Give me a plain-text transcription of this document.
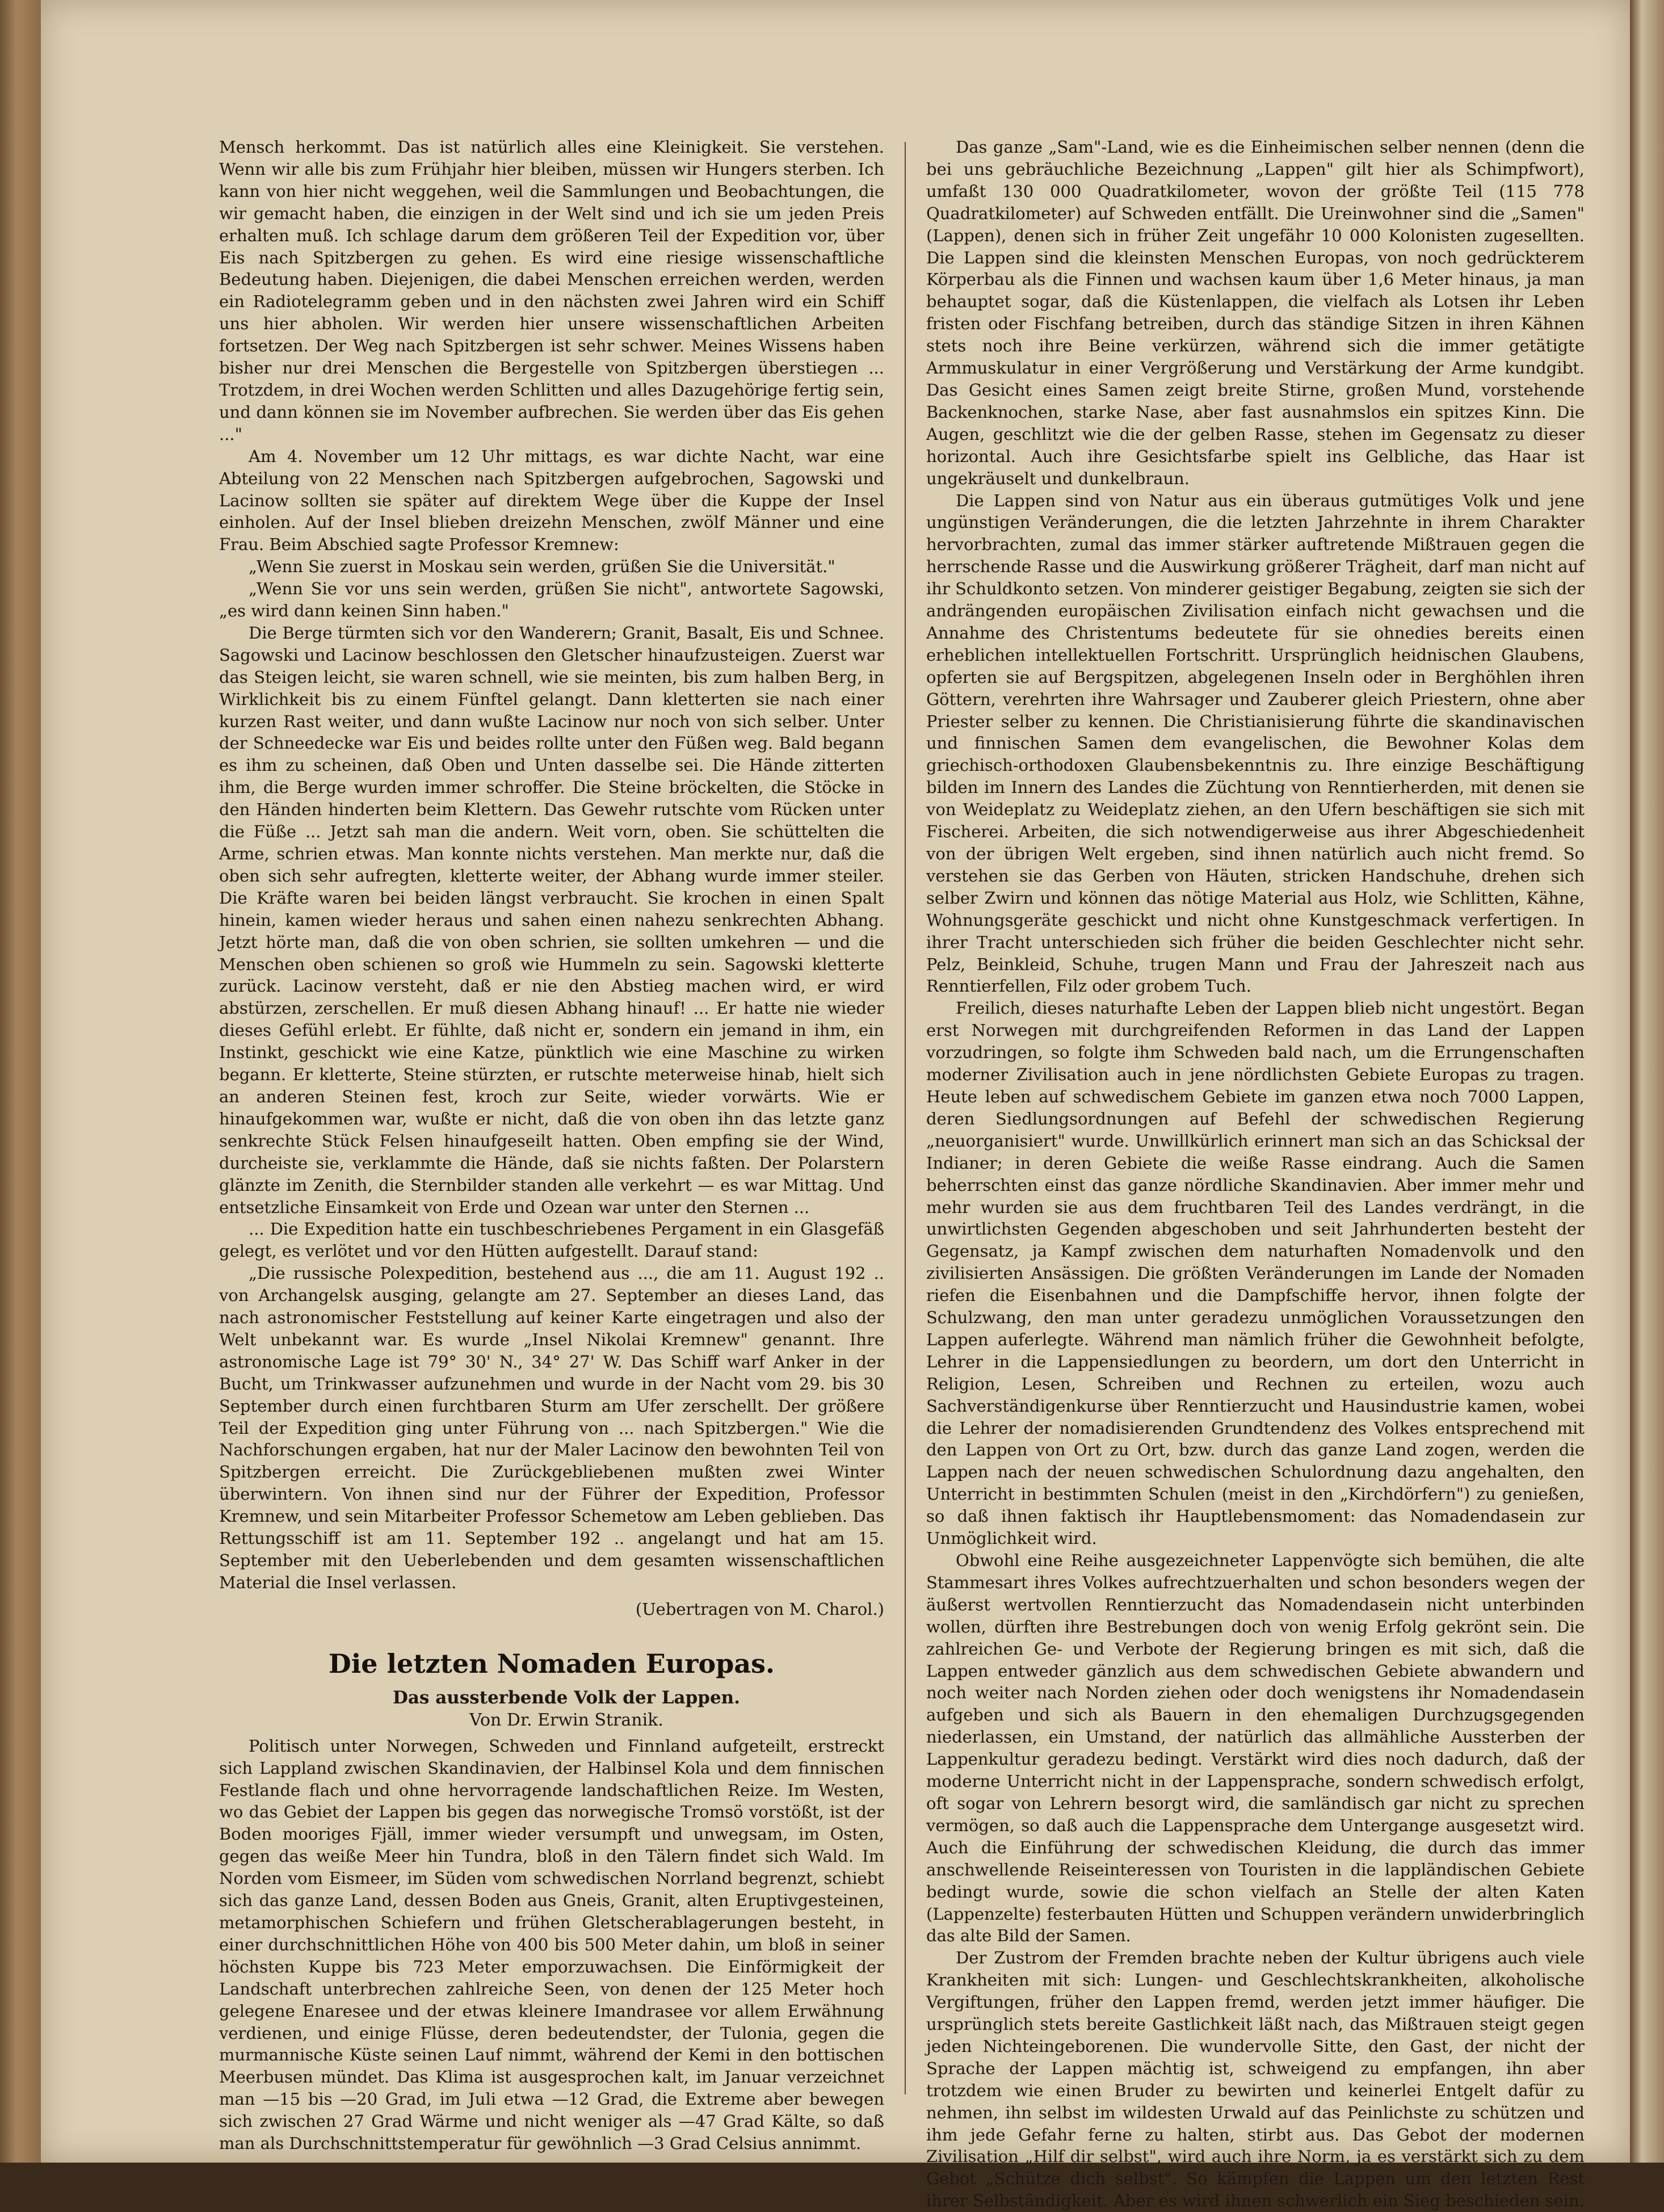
Mensch herkommt. Das ist natürlich alles eine Kleinigkeit. Sie verstehen. Wenn wir alle bis zum Frühjahr hier bleiben, müssen wir Hungers sterben. Ich kann von hier nicht weggehen, weil die Sammlungen und Beobachtungen, die wir gemacht haben, die einzigen in der Welt sind und ich sie um jeden Preis erhalten muß. Ich schlage darum dem größeren Teil der Expedition vor, über Eis nach Spitzbergen zu gehen. Es wird eine riesige wissenschaftliche Bedeutung haben. Diejenigen, die dabei Menschen erreichen werden, werden ein Radiotelegramm geben und in den nächsten zwei Jahren wird ein Schiff uns hier abholen. Wir werden hier unsere wissenschaftlichen Arbeiten fortsetzen. Der Weg nach Spitzbergen ist sehr schwer. Meines Wissens haben bisher nur drei Menschen die Bergestelle von Spitzbergen überstiegen ... Trotzdem, in drei Wochen werden Schlitten und alles Dazugehörige fertig sein, und dann können sie im November aufbrechen. Sie werden über das Eis gehen ..."

Am 4. November um 12 Uhr mittags, es war dichte Nacht, war eine Abteilung von 22 Menschen nach Spitzbergen aufgebrochen, Sagowski und Lacinow sollten sie später auf direktem Wege über die Kuppe der Insel einholen. Auf der Insel blieben dreizehn Menschen, zwölf Männer und eine Frau. Beim Abschied sagte Professor Kremnew:

„Wenn Sie zuerst in Moskau sein werden, grüßen Sie die Universität."

„Wenn Sie vor uns sein werden, grüßen Sie nicht", antwortete Sagowski, „es wird dann keinen Sinn haben."

Die Berge türmten sich vor den Wanderern; Granit, Basalt, Eis und Schnee. Sagowski und Lacinow beschlossen den Gletscher hinaufzusteigen. Zuerst war das Steigen leicht, sie waren schnell, wie sie meinten, bis zum halben Berg, in Wirklichkeit bis zu einem Fünftel gelangt. Dann kletterten sie nach einer kurzen Rast weiter, und dann wußte Lacinow nur noch von sich selber. Unter der Schneedecke war Eis und beides rollte unter den Füßen weg. Bald begann es ihm zu scheinen, daß Oben und Unten dasselbe sei. Die Hände zitterten ihm, die Berge wurden immer schroffer. Die Steine bröckelten, die Stöcke in den Händen hinderten beim Klettern. Das Gewehr rutschte vom Rücken unter die Füße ... Jetzt sah man die andern. Weit vorn, oben. Sie schüttelten die Arme, schrien etwas. Man konnte nichts verstehen. Man merkte nur, daß die oben sich sehr aufregten, kletterte weiter, der Abhang wurde immer steiler. Die Kräfte waren bei beiden längst verbraucht. Sie krochen in einen Spalt hinein, kamen wieder heraus und sahen einen nahezu senkrechten Abhang. Jetzt hörte man, daß die von oben schrien, sie sollten umkehren — und die Menschen oben schienen so groß wie Hummeln zu sein. Sagowski kletterte zurück. Lacinow versteht, daß er nie den Abstieg machen wird, er wird abstürzen, zerschellen. Er muß diesen Abhang hinauf! ... Er hatte nie wieder dieses Gefühl erlebt. Er fühlte, daß nicht er, sondern ein jemand in ihm, ein Instinkt, geschickt wie eine Katze, pünktlich wie eine Maschine zu wirken begann. Er kletterte, Steine stürzten, er rutschte meterweise hinab, hielt sich an anderen Steinen fest, kroch zur Seite, wieder vorwärts. Wie er hinaufgekommen war, wußte er nicht, daß die von oben ihn das letzte ganz senkrechte Stück Felsen hinaufgeseilt hatten. Oben empfing sie der Wind, durcheiste sie, verklammte die Hände, daß sie nichts faßten. Der Polarstern glänzte im Zenith, die Sternbilder standen alle verkehrt — es war Mittag. Und entsetzliche Einsamkeit von Erde und Ozean war unter den Sternen ...

... Die Expedition hatte ein tuschbeschriebenes Pergament in ein Glasgefäß gelegt, es verlötet und vor den Hütten aufgestellt. Darauf stand:

„Die russische Polexpedition, bestehend aus ..., die am 11. August 192 .. von Archangelsk ausging, gelangte am 27. September an dieses Land, das nach astronomischer Feststellung auf keiner Karte eingetragen und also der Welt unbekannt war. Es wurde „Insel Nikolai Kremnew" genannt. Ihre astronomische Lage ist 79° 30' N., 34° 27' W. Das Schiff warf Anker in der Bucht, um Trinkwasser aufzunehmen und wurde in der Nacht vom 29. bis 30 September durch einen furchtbaren Sturm am Ufer zerschellt. Der größere Teil der Expedition ging unter Führung von ... nach Spitzbergen." Wie die Nachforschungen ergaben, hat nur der Maler Lacinow den bewohnten Teil von Spitzbergen erreicht. Die Zurückgebliebenen mußten zwei Winter überwintern. Von ihnen sind nur der Führer der Expedition, Professor Kremnew, und sein Mitarbeiter Professor Schemetow am Leben geblieben. Das Rettungsschiff ist am 11. September 192 .. angelangt und hat am 15. September mit den Ueberlebenden und dem gesamten wissenschaftlichen Material die Insel verlassen.

(Uebertragen von M. Charol.)

Die letzten Nomaden Europas.

Das aussterbende Volk der Lappen.

Von Dr. Erwin Stranik.

Politisch unter Norwegen, Schweden und Finnland aufgeteilt, erstreckt sich Lappland zwischen Skandinavien, der Halbinsel Kola und dem finnischen Festlande flach und ohne hervorragende landschaftlichen Reize. Im Westen, wo das Gebiet der Lappen bis gegen das norwegische Tromsö vorstößt, ist der Boden mooriges Fjäll, immer wieder versumpft und unwegsam, im Osten, gegen das weiße Meer hin Tundra, bloß in den Tälern findet sich Wald. Im Norden vom Eismeer, im Süden vom schwedischen Norrland begrenzt, schiebt sich das ganze Land, dessen Boden aus Gneis, Granit, alten Eruptivgesteinen, metamorphischen Schiefern und frühen Gletscherablagerungen besteht, in einer durchschnittlichen Höhe von 400 bis 500 Meter dahin, um bloß in seiner höchsten Kuppe bis 723 Meter emporzuwachsen. Die Einförmigkeit der Landschaft unterbrechen zahlreiche Seen, von denen der 125 Meter hoch gelegene Enaresee und der etwas kleinere Imandrasee vor allem Erwähnung verdienen, und einige Flüsse, deren bedeutendster, der Tulonia, gegen die murmannische Küste seinen Lauf nimmt, während der Kemi in den bottischen Meerbusen mündet. Das Klima ist ausgesprochen kalt, im Januar verzeichnet man —15 bis —20 Grad, im Juli etwa —12 Grad, die Extreme aber bewegen sich zwischen 27 Grad Wärme und nicht weniger als —47 Grad Kälte, so daß man als Durchschnittstemperatur für gewöhnlich —3 Grad Celsius annimmt.

Das ganze „Sam"-Land, wie es die Einheimischen selber nennen (denn die bei uns gebräuchliche Bezeichnung „Lappen" gilt hier als Schimpfwort), umfaßt 130 000 Quadratkilometer, wovon der größte Teil (115 778 Quadratkilometer) auf Schweden entfällt. Die Ureinwohner sind die „Samen" (Lappen), denen sich in früher Zeit ungefähr 10 000 Kolonisten zugesellten. Die Lappen sind die kleinsten Menschen Europas, von noch gedrückterem Körperbau als die Finnen und wachsen kaum über 1,6 Meter hinaus, ja man behauptet sogar, daß die Küstenlappen, die vielfach als Lotsen ihr Leben fristen oder Fischfang betreiben, durch das ständige Sitzen in ihren Kähnen stets noch ihre Beine verkürzen, während sich die immer getätigte Armmuskulatur in einer Vergrößerung und Verstärkung der Arme kundgibt. Das Gesicht eines Samen zeigt breite Stirne, großen Mund, vorstehende Backenknochen, starke Nase, aber fast ausnahmslos ein spitzes Kinn. Die Augen, geschlitzt wie die der gelben Rasse, stehen im Gegensatz zu dieser horizontal. Auch ihre Gesichtsfarbe spielt ins Gelbliche, das Haar ist ungekräuselt und dunkelbraun.

Die Lappen sind von Natur aus ein überaus gutmütiges Volk und jene ungünstigen Veränderungen, die die letzten Jahrzehnte in ihrem Charakter hervorbrachten, zumal das immer stärker auftretende Mißtrauen gegen die herrschende Rasse und die Auswirkung größerer Trägheit, darf man nicht auf ihr Schuldkonto setzen. Von minderer geistiger Begabung, zeigten sie sich der andrängenden europäischen Zivilisation einfach nicht gewachsen und die Annahme des Christentums bedeutete für sie ohnedies bereits einen erheblichen intellektuellen Fortschritt. Ursprünglich heidnischen Glaubens, opferten sie auf Bergspitzen, abgelegenen Inseln oder in Berghöhlen ihren Göttern, verehrten ihre Wahrsager und Zauberer gleich Priestern, ohne aber Priester selber zu kennen. Die Christianisierung führte die skandinavischen und finnischen Samen dem evangelischen, die Bewohner Kolas dem griechisch-orthodoxen Glaubensbekenntnis zu. Ihre einzige Beschäftigung bilden im Innern des Landes die Züchtung von Renntierherden, mit denen sie von Weideplatz zu Weideplatz ziehen, an den Ufern beschäftigen sie sich mit Fischerei. Arbeiten, die sich notwendigerweise aus ihrer Abgeschiedenheit von der übrigen Welt ergeben, sind ihnen natürlich auch nicht fremd. So verstehen sie das Gerben von Häuten, stricken Handschuhe, drehen sich selber Zwirn und können das nötige Material aus Holz, wie Schlitten, Kähne, Wohnungsgeräte geschickt und nicht ohne Kunstgeschmack verfertigen. In ihrer Tracht unterschieden sich früher die beiden Geschlechter nicht sehr. Pelz, Beinkleid, Schuhe, trugen Mann und Frau der Jahreszeit nach aus Renntierfellen, Filz oder grobem Tuch.

Freilich, dieses naturhafte Leben der Lappen blieb nicht ungestört. Began erst Norwegen mit durchgreifenden Reformen in das Land der Lappen vorzudringen, so folgte ihm Schweden bald nach, um die Errungenschaften moderner Zivilisation auch in jene nördlichsten Gebiete Europas zu tragen. Heute leben auf schwedischem Gebiete im ganzen etwa noch 7000 Lappen, deren Siedlungsordnungen auf Befehl der schwedischen Regierung „neuorganisiert" wurde. Unwillkürlich erinnert man sich an das Schicksal der Indianer; in deren Gebiete die weiße Rasse eindrang. Auch die Samen beherrschten einst das ganze nördliche Skandinavien. Aber immer mehr und mehr wurden sie aus dem fruchtbaren Teil des Landes verdrängt, in die unwirtlichsten Gegenden abgeschoben und seit Jahrhunderten besteht der Gegensatz, ja Kampf zwischen dem naturhaften Nomadenvolk und den zivilisierten Ansässigen. Die größten Veränderungen im Lande der Nomaden riefen die Eisenbahnen und die Dampfschiffe hervor, ihnen folgte der Schulzwang, den man unter geradezu unmöglichen Voraussetzungen den Lappen auferlegte. Während man nämlich früher die Gewohnheit befolgte, Lehrer in die Lappensiedlungen zu beordern, um dort den Unterricht in Religion, Lesen, Schreiben und Rechnen zu erteilen, wozu auch Sachverständigenkurse über Renntierzucht und Hausindustrie kamen, wobei die Lehrer der nomadisierenden Grundtendenz des Volkes entsprechend mit den Lappen von Ort zu Ort, bzw. durch das ganze Land zogen, werden die Lappen nach der neuen schwedischen Schulordnung dazu angehalten, den Unterricht in bestimmten Schulen (meist in den „Kirchdörfern") zu genießen, so daß ihnen faktisch ihr Hauptlebensmoment: das Nomadendasein zur Unmöglichkeit wird.

Obwohl eine Reihe ausgezeichneter Lappenvögte sich bemühen, die alte Stammesart ihres Volkes aufrechtzuerhalten und schon besonders wegen der äußerst wertvollen Renntierzucht das Nomadendasein nicht unterbinden wollen, dürften ihre Bestrebungen doch von wenig Erfolg gekrönt sein. Die zahlreichen Ge- und Verbote der Regierung bringen es mit sich, daß die Lappen entweder gänzlich aus dem schwedischen Gebiete abwandern und noch weiter nach Norden ziehen oder doch wenigstens ihr Nomadendasein aufgeben und sich als Bauern in den ehemaligen Durchzugsgegenden niederlassen, ein Umstand, der natürlich das allmähliche Aussterben der Lappenkultur geradezu bedingt. Verstärkt wird dies noch dadurch, daß der moderne Unterricht nicht in der Lappensprache, sondern schwedisch erfolgt, oft sogar von Lehrern besorgt wird, die samländisch gar nicht zu sprechen vermögen, so daß auch die Lappensprache dem Untergange ausgesetzt wird. Auch die Einführung der schwedischen Kleidung, die durch das immer anschwellende Reiseinteressen von Touristen in die lappländischen Gebiete bedingt wurde, sowie die schon vielfach an Stelle der alten Katen (Lappenzelte) festerbauten Hütten und Schuppen verändern unwiderbringlich das alte Bild der Samen.

Der Zustrom der Fremden brachte neben der Kultur übrigens auch viele Krankheiten mit sich: Lungen- und Geschlechtskrankheiten, alkoholische Vergiftungen, früher den Lappen fremd, werden jetzt immer häufiger. Die ursprünglich stets bereite Gastlichkeit läßt nach, das Mißtrauen steigt gegen jeden Nichteingeborenen. Die wundervolle Sitte, den Gast, der nicht der Sprache der Lappen mächtig ist, schweigend zu empfangen, ihn aber trotzdem wie einen Bruder zu bewirten und keinerlei Entgelt dafür zu nehmen, ihn selbst im wildesten Urwald auf das Peinlichste zu schützen und ihm jede Gefahr ferne zu halten, stirbt aus. Das Gebot der modernen Zivilisation „Hilf dir selbst", wird auch ihre Norm, ja es verstärkt sich zu dem Gebot „Schütze dich selbst". So kämpfen die Lappen um den letzten Rest ihrer Selbständigkeit. Aber es wird ihnen schwerlich ein Sieg beschieden sein.
